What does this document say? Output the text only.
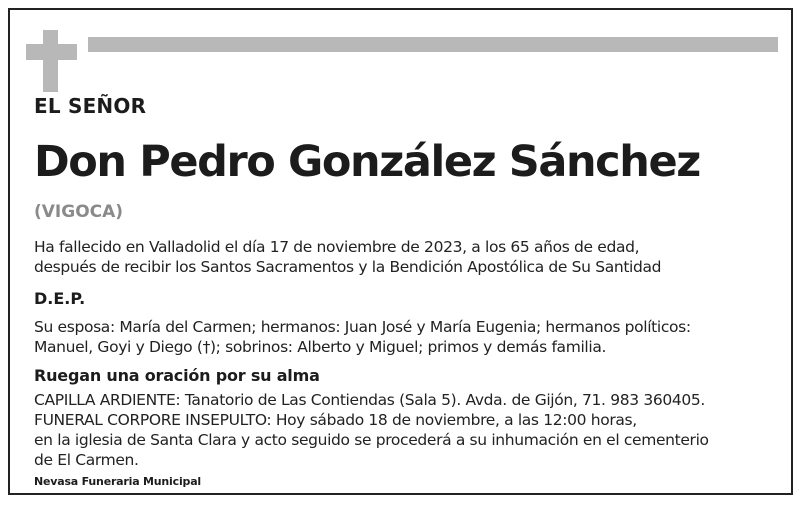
EL SEÑOR
Don Pedro González Sánchez
(VIGOCA)
Ha fallecido en Valladolid el día 17 de noviembre de 2023, a los 65 años de edad,
después de recibir los Santos Sacramentos y la Bendición Apostólica de Su Santidad
D.E.P.
Su esposa: María del Carmen; hermanos: Juan José y María Eugenia; hermanos políticos:
Manuel, Goyi y Diego (†); sobrinos: Alberto y Miguel; primos y demás familia.
Ruegan una oración por su alma
CAPILLA ARDIENTE: Tanatorio de Las Contiendas (Sala 5). Avda. de Gijón, 71. 983 360405.
FUNERAL CORPORE INSEPULTO: Hoy sábado 18 de noviembre, a las 12:00 horas,
en la iglesia de Santa Clara y acto seguido se procederá a su inhumación en el cementerio
de El Carmen.
Nevasa Funeraria Municipal
